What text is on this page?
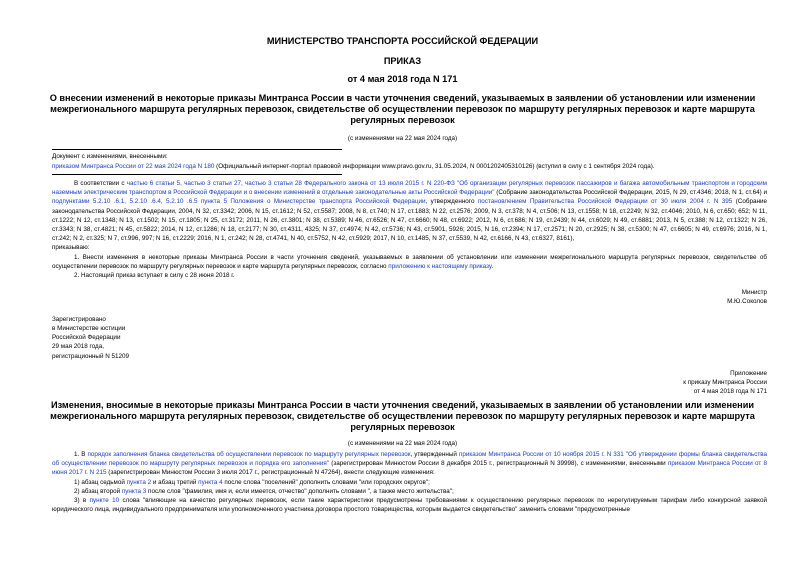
МИНИСТЕРСТВО ТРАНСПОРТА РОССИЙСКОЙ ФЕДЕРАЦИИ
ПРИКАЗ
от 4 мая 2018 года N 171
О внесении изменений в некоторые приказы Минтранса России в части уточнения сведений, указываемых в заявлении об установлении или изменении межрегионального маршрута регулярных перевозок, свидетельстве об осуществлении перевозок по маршруту регулярных перевозок и карте маршрута регулярных перевозок
(с изменениями на 22 мая 2024 года)
Документ с изменениями, внесенными:
приказом Минтранса России от 22 мая 2024 года N 180 (Официальный интернет-портал правовой информации www.pravo.gov.ru, 31.05.2024, N 0001202405310126) (вступил в силу с 1 сентября 2024 года).
В соответствии с частью 6 статьи 5, частью 3 статьи 27, частью 3 статьи 28 Федерального закона от 13 июля 2015 г. N 220-ФЗ "Об организации регулярных перевозок пассажиров и багажа автомобильным транспортом и городским наземным электрическим транспортом в Российской Федерации и о внесении изменений в отдельные законодательные акты Российской Федерации" (Собрание законодательства Российской Федерации, 2015, N 29, ст.4346; 2018, N 1, ст.64) и подпунктами 5.2.10 .6.1, 5.2.10 .6.4, 5.2.10 .6.5 пункта 5 Положения о Министерстве транспорта Российской Федерации, утвержденного постановлением Правительства Российской Федерации от 30 июля 2004 г. N 395 (Собрание законодательства Российской Федерации, 2004, N 32, ст.3342; 2006, N 15, ст.1612; N 52, ст.5587; 2008, N 8, ст.740; N 17, ст.1883; N 22, ст.2576; 2009, N 3, ст.378; N 4, ст.506; N 13, ст.1558; N 18, ст.2249; N 32, ст.4046; 2010, N 6, ст.650; 652; N 11, ст.1222; N 12, ст.1348; N 13, ст.1502; N 15, ст.1805; N 25, ст.3172; 2011, N 26, ст.3801; N 38, ст.5389; N 46, ст.6526; N 47, ст.6660; N 48, ст.6922; 2012, N 6, ст.686; N 19, ст.2439; N 44, ст.6029; N 49, ст.6881; 2013, N 5, ст.388; N 12, ст.1322; N 26, ст.3343; N 38, ст.4821; N 45, ст.5822; 2014, N 12, ст.1286; N 18, ст.2177; N 30, ст.4311, 4325; N 37, ст.4974; N 42, ст.5736; N 43, ст.5901, 5926; 2015, N 16, ст.2394; N 17, ст.2571; N 20, ст.2925; N 38, ст.5300; N 47, ст.6605; N 49, ст.6976; 2016, N 1, ст.242; N 2, ст.325; N 7, ст.996, 997; N 16, ст.2229; 2016, N 1, ст.242; N 28, ст.4741, N 40, ст.5752, N 42, ст.5929; 2017, N 10, ст.1485, N 37, ст.5539, N 42, ст.6166, N 43, ст.6327, 8161),
приказываю:
1. Внести изменения в некоторые приказы Минтранса России в части уточнения сведений, указываемых в заявлении об установлении или изменении межрегионального маршрута регулярных перевозок, свидетельстве об осуществлении перевозок по маршруту регулярных перевозок и карте маршрута регулярных перевозок, согласно приложению к настоящему приказу.
2. Настоящий приказ вступает в силу с 28 июня 2018 г.
Министр
М.Ю.Соколов
Зарегистрировано
в Министерстве юстиции
Российской Федерации
29 мая 2018 года,
регистрационный N 51209
Приложение
к приказу Минтранса России
от 4 мая 2018 года N 171
Изменения, вносимые в некоторые приказы Минтранса России в части уточнения сведений, указываемых в заявлении об установлении или изменении межрегионального маршрута регулярных перевозок, свидетельстве об осуществлении перевозок по маршруту регулярных перевозок и карте маршрута регулярных перевозок
(с изменениями на 22 мая 2024 года)
1. В порядок заполнения бланка свидетельства об осуществлении перевозок по маршруту регулярных перевозок, утвержденный приказом Минтранса России от 10 ноября 2015 г. N 331 "Об утверждении формы бланка свидетельства об осуществлении перевозок по маршруту регулярных перевозок и порядка его заполнения" (зарегистрирован Минюстом России 8 декабря 2015 г., регистрационный N 39998), с изменениями, внесенными приказом Минтранса России от 8 июня 2017 г. N 215 (зарегистрирован Минюстом России 3 июля 2017 г., регистрационный N 47264), внести следующие изменения:
1) абзац седьмой пункта 2 и абзац третий пункта 4 после слова "поселений" дополнить словами "или городских округов";
2) абзац второй пункта 3 после слов "фамилия, имя и, если имеется, отчество" дополнить словами ", а также место жительства";
3) в пункте 10 слова "влияющие на качество регулярных перевозок, если такие характеристики предусмотрены требованиями к осуществлению регулярных перевозок по нерегулируемым тарифам либо конкурсной заявкой юридического лица, индивидуального предпринимателя или уполномоченного участника договора простого товарищества, которым выдается свидетельство" заменить словами "предусмотренные
